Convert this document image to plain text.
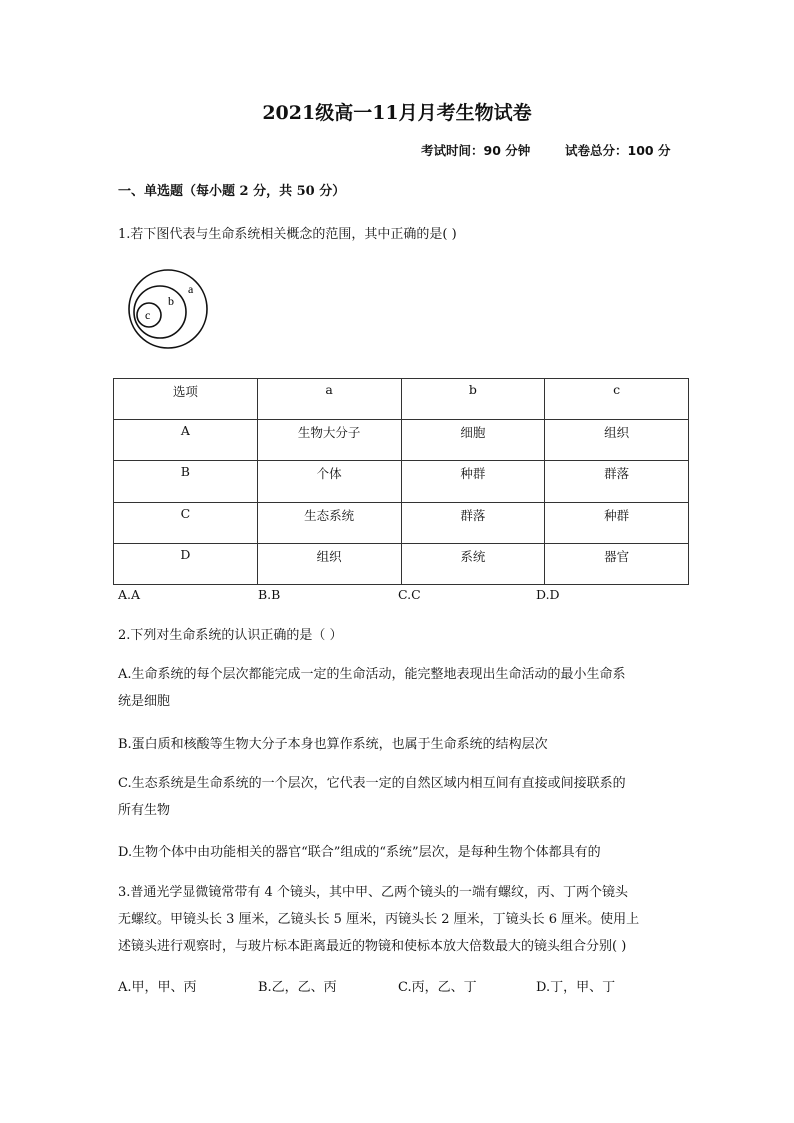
2021级高一11月月考生物试卷
考试时间：90 分钟	试卷总分：100 分
一、单选题（每小题 2 分，共 50 分）
1.若下图代表与生命系统相关概念的范围，其中正确的是( )
a
b
c
选项	a	b	c
A	生物大分子	细胞	组织
B	个体	种群	群落
C	生态系统	群落	种群
D	组织	系统	器官
A.A	B.B	C.C	D.D
2.下列对生命系统的认识正确的是（ ）
A.生命系统的每个层次都能完成一定的生命活动，能完整地表现出生命活动的最小生命系
统是细胞
B.蛋白质和核酸等生物大分子本身也算作系统，也属于生命系统的结构层次
C.生态系统是生命系统的一个层次，它代表一定的自然区域内相互间有直接或间接联系的
所有生物
D.生物个体中由功能相关的器官“联合”组成的“系统”层次，是每种生物个体都具有的
3.普通光学显微镜常带有 4 个镜头，其中甲、乙两个镜头的一端有螺纹，丙、丁两个镜头
无螺纹。甲镜头长 3 厘米，乙镜头长 5 厘米，丙镜头长 2 厘米，丁镜头长 6 厘米。使用上
述镜头进行观察时，与玻片标本距离最近的物镜和使标本放大倍数最大的镜头组合分别( )
A.甲，甲、丙	B.乙，乙、丙	C.丙，乙、丁	D.丁，甲、丁
